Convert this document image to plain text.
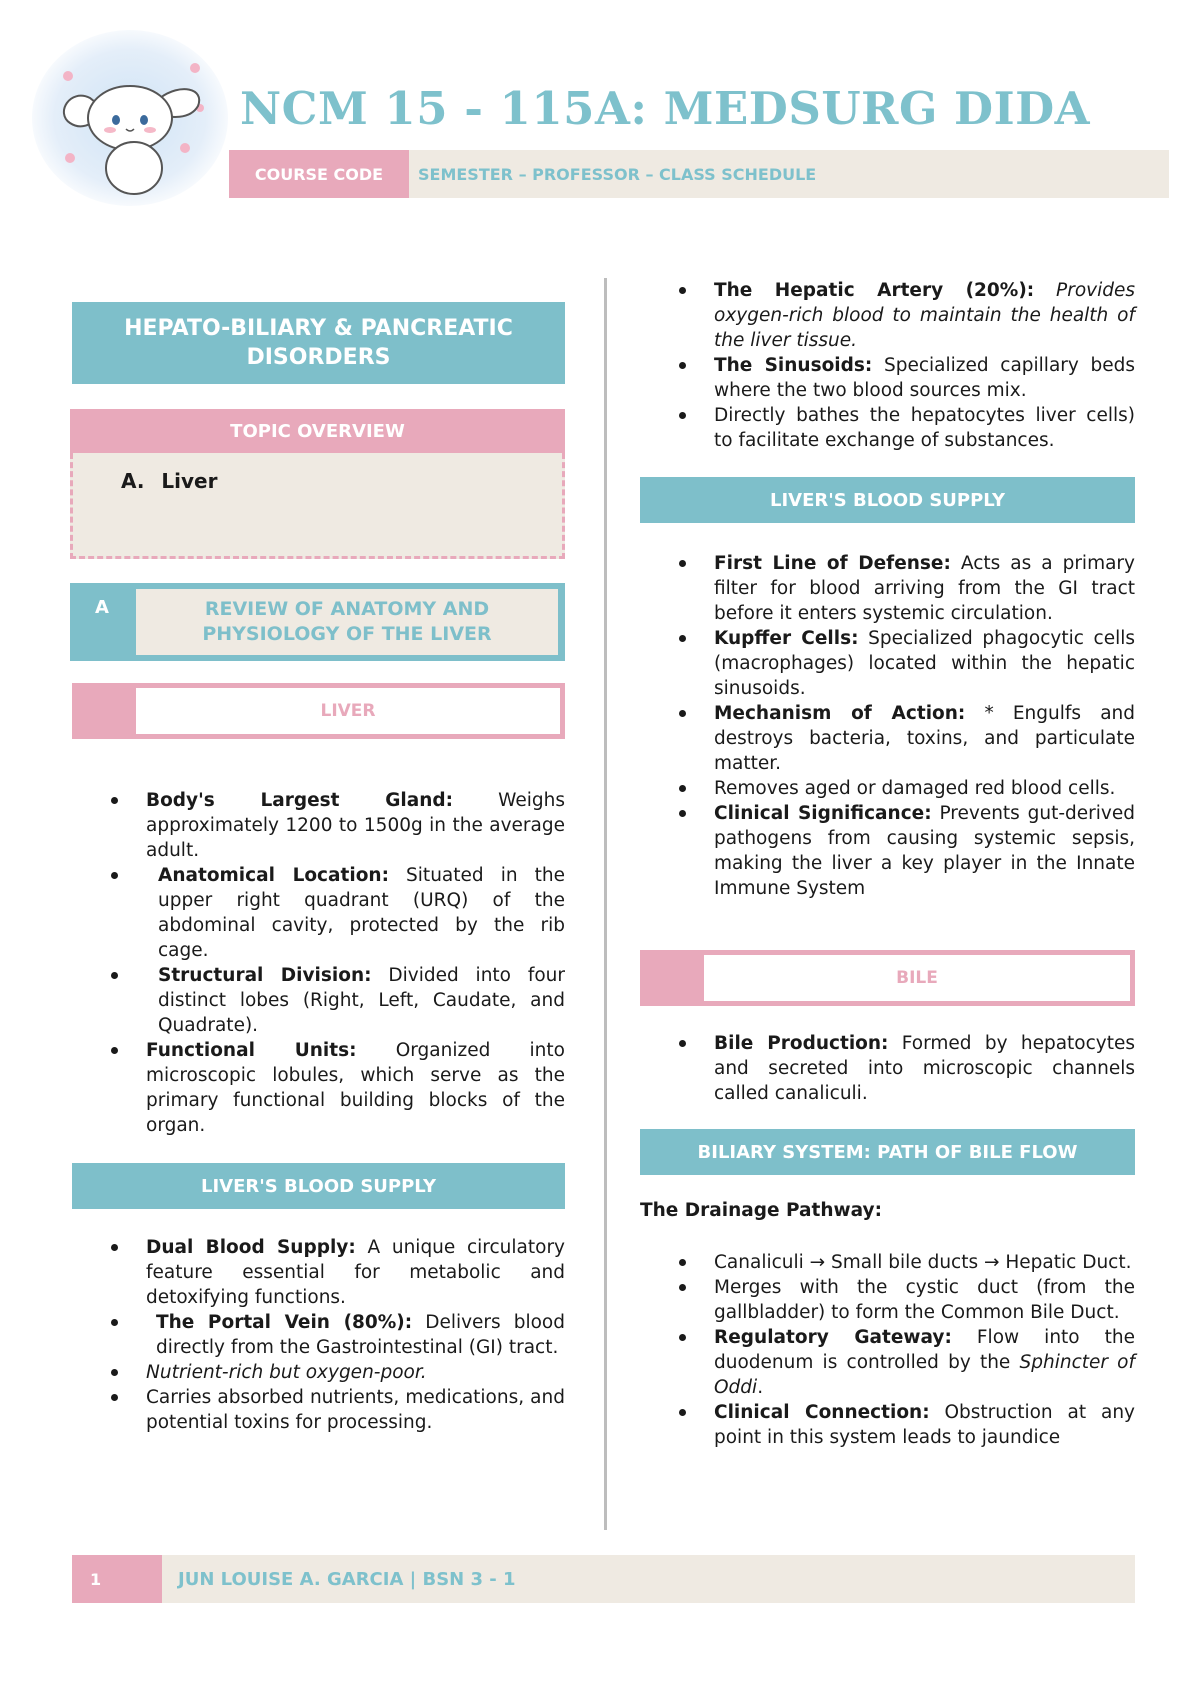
NCM 15 - 115A: MEDSURG DIDA
COURSE CODE	SEMESTER – PROFESSOR – CLASS SCHEDULE
HEPATO-BILIARY & PANCREATIC DISORDERS
TOPIC OVERVIEW
A. Liver
A	REVIEW OF ANATOMY AND PHYSIOLOGY OF THE LIVER
LIVER
Body's Largest Gland: Weighs approximately 1200 to 1500g in the average adult.
Anatomical Location: Situated in the upper right quadrant (URQ) of the abdominal cavity, protected by the rib cage.
Structural Division: Divided into four distinct lobes (Right, Left, Caudate, and Quadrate).
Functional Units: Organized into microscopic lobules, which serve as the primary functional building blocks of the organ.
LIVER'S BLOOD SUPPLY
Dual Blood Supply: A unique circulatory feature essential for metabolic and detoxifying functions.
The Portal Vein (80%): Delivers blood directly from the Gastrointestinal (GI) tract.
Nutrient-rich but oxygen-poor.
Carries absorbed nutrients, medications, and potential toxins for processing.
The Hepatic Artery (20%): Provides oxygen-rich blood to maintain the health of the liver tissue.
The Sinusoids: Specialized capillary beds where the two blood sources mix.
Directly bathes the hepatocytes liver cells) to facilitate exchange of substances.
LIVER'S BLOOD SUPPLY
First Line of Defense: Acts as a primary filter for blood arriving from the GI tract before it enters systemic circulation.
Kupffer Cells: Specialized phagocytic cells (macrophages) located within the hepatic sinusoids.
Mechanism of Action: * Engulfs and destroys bacteria, toxins, and particulate matter.
Removes aged or damaged red blood cells.
Clinical Significance: Prevents gut-derived pathogens from causing systemic sepsis, making the liver a key player in the Innate Immune System
BILE
Bile Production: Formed by hepatocytes and secreted into microscopic channels called canaliculi.
BILIARY SYSTEM: PATH OF BILE FLOW
The Drainage Pathway:
Canaliculi → Small bile ducts → Hepatic Duct.
Merges with the cystic duct (from the gallbladder) to form the Common Bile Duct.
Regulatory Gateway: Flow into the duodenum is controlled by the Sphincter of Oddi.
Clinical Connection: Obstruction at any point in this system leads to jaundice
1	JUN LOUISE A. GARCIA | BSN 3 - 1
